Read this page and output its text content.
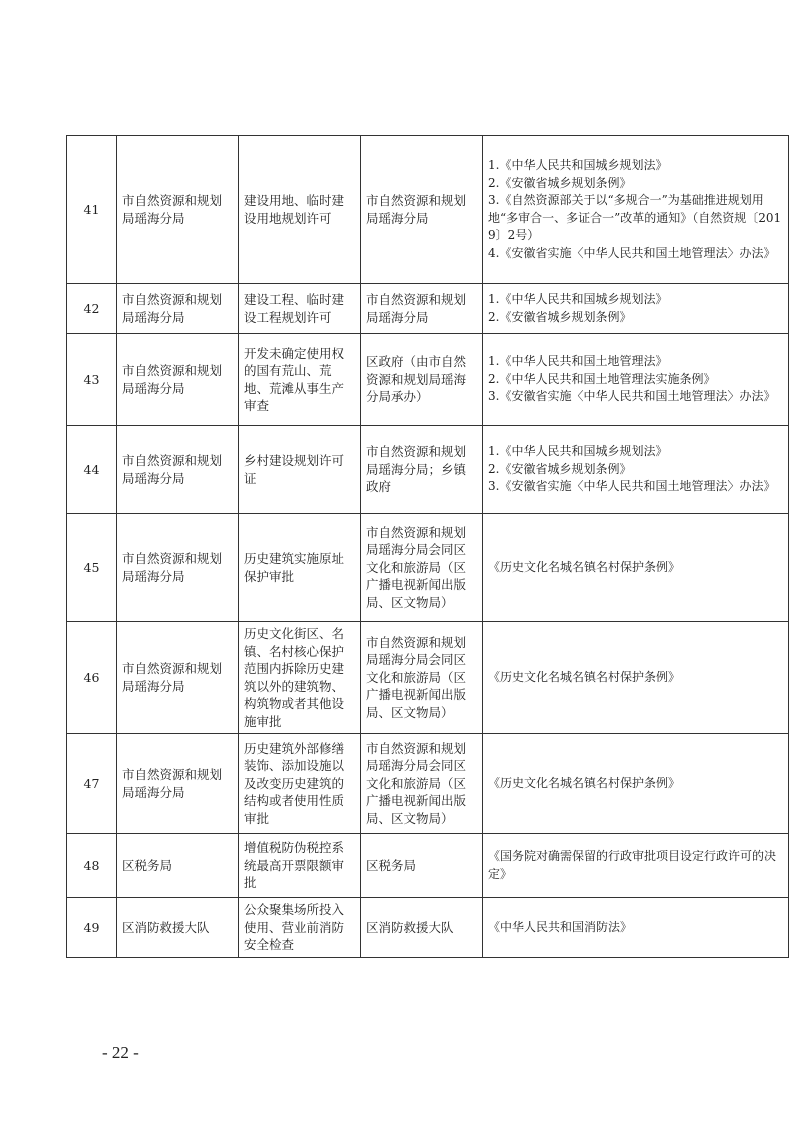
41	市自然资源和规划局瑶海分局	建设用地、临时建设用地规划许可	市自然资源和规划局瑶海分局	1.《中华人民共和国城乡规划法》
2.《安徽省城乡规划条例》
3.《自然资源部关于以“多规合一”为基础推进规划用地“多审合一、多证合一”改革的通知》（自然资规〔2019〕2号）
4.《安徽省实施〈中华人民共和国土地管理法〉办法》

42	市自然资源和规划局瑶海分局	建设工程、临时建设工程规划许可	市自然资源和规划局瑶海分局	1.《中华人民共和国城乡规划法》
2.《安徽省城乡规划条例》

43	市自然资源和规划局瑶海分局	开发未确定使用权的国有荒山、荒地、荒滩从事生产审查	区政府（由市自然资源和规划局瑶海分局承办）	1.《中华人民共和国土地管理法》
2.《中华人民共和国土地管理法实施条例》
3.《安徽省实施〈中华人民共和国土地管理法〉办法》

44	市自然资源和规划局瑶海分局	乡村建设规划许可证	市自然资源和规划局瑶海分局；乡镇政府	1.《中华人民共和国城乡规划法》
2.《安徽省城乡规划条例》
3.《安徽省实施〈中华人民共和国土地管理法〉办法》

45	市自然资源和规划局瑶海分局	历史建筑实施原址保护审批	市自然资源和规划局瑶海分局会同区文化和旅游局（区广播电视新闻出版局、区文物局）	《历史文化名城名镇名村保护条例》

46	市自然资源和规划局瑶海分局	历史文化街区、名镇、名村核心保护范围内拆除历史建筑以外的建筑物、构筑物或者其他设施审批	市自然资源和规划局瑶海分局会同区文化和旅游局（区广播电视新闻出版局、区文物局）	《历史文化名城名镇名村保护条例》

47	市自然资源和规划局瑶海分局	历史建筑外部修缮装饰、添加设施以及改变历史建筑的结构或者使用性质审批	市自然资源和规划局瑶海分局会同区文化和旅游局（区广播电视新闻出版局、区文物局）	《历史文化名城名镇名村保护条例》

48	区税务局	增值税防伪税控系统最高开票限额审批	区税务局	《国务院对确需保留的行政审批项目设定行政许可的决定》

49	区消防救援大队	公众聚集场所投入使用、营业前消防安全检查	区消防救援大队	《中华人民共和国消防法》
- 22 -
